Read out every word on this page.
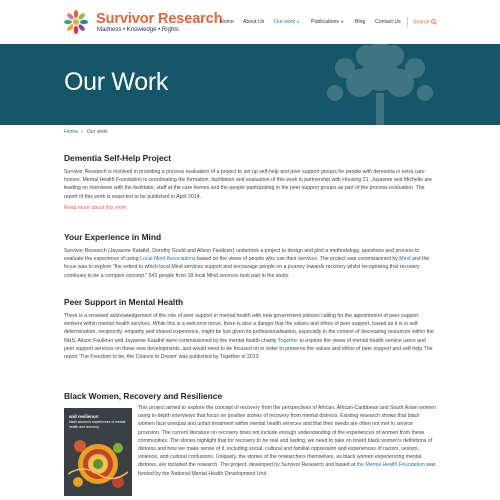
Survivor Research
Madness • Knowledge • Rights
Home About Us Our work ▾ Publications ▾ Blog Contact Us Search
Our Work
Home » Our work
Dementia Self-Help Project

Survivor Research is involved in providing a process evaluation of a project to set up self-help and peer support groups for people with dementia in extra care homes. Mental Health Foundation is coordinating the formation, facilitation and evaluation of this work in partnership with Housing 21. Jayasree and Michelle are leading on interviews with the facilitator, staff at the care homes and the people participating in the peer support groups as part of the process evaluation. The report of this work is expected to be published in April 2014.

Read more about this work
Your Experience in Mind

Survivor Research (Jayasree Kalathil, Dorothy Gould and Alison Faulkner) undertook a project to design and pilot a methodology, questions and process to evaluate the experience of using Local Mind Associations based on the views of people who use their services. The project was commissioned by Mind and the focus was to explore "the extent to which local Mind services support and encourage people on a journey towards recovery whilst recognising that recovery continues to be a complex concept." 543 people from 18 local Mind services took part in the study.

Peer Support in Mental Health

There is a renewed acknowledgement of the role of peer support in mental health with new government policies calling for the appointment of peer support workers within mental health services. While this is a welcome move, there is also a danger that the values and ethos of peer support, based as it is in self-determination, reciprocity, empathy and shared experience, might be lost given its professionalisation, especially in the context of decreasing resources within the NHS. Alison Faulkner and Jayasree Kalathil were commissioned by the mental health charity Together to explore the views of mental health service users and peer support services on these new developments, and would need to be focused on in order to preserve the values and ethos of peer support and self-help.The report 'The Freedom to be, the Chance to Dream' was published by Together in 2013.

Black Women, Recovery and Resilience
and resilience:
black women's experiences of mental health and recovery

This project aimed to explore the concept of recovery from the perspectives of African, African-Caribbean and South Asian women using in-depth interviews that focus on positive stories of recovery from mental distress. Existing research shows that black women face unequal and unfair treatment within mental health services and that their needs are often not met in service provision. The current literature on recovery does not include enough understanding of the experiences of women from these communities. The stories highlight that for recovery to be real and lasting, we need to take on board black women's definitions of distress and how we make sense of it, including social, cultural and familial oppression and experiences of racism, sexism, violence, and cultural confusions. Uniquely, the stories of the researchers themselves, as black women experiencing mental distress, are included the research. The project, developed by Survivor Research and based at the Mental Health Foundation was funded by the National Mental Health Development Unit.
